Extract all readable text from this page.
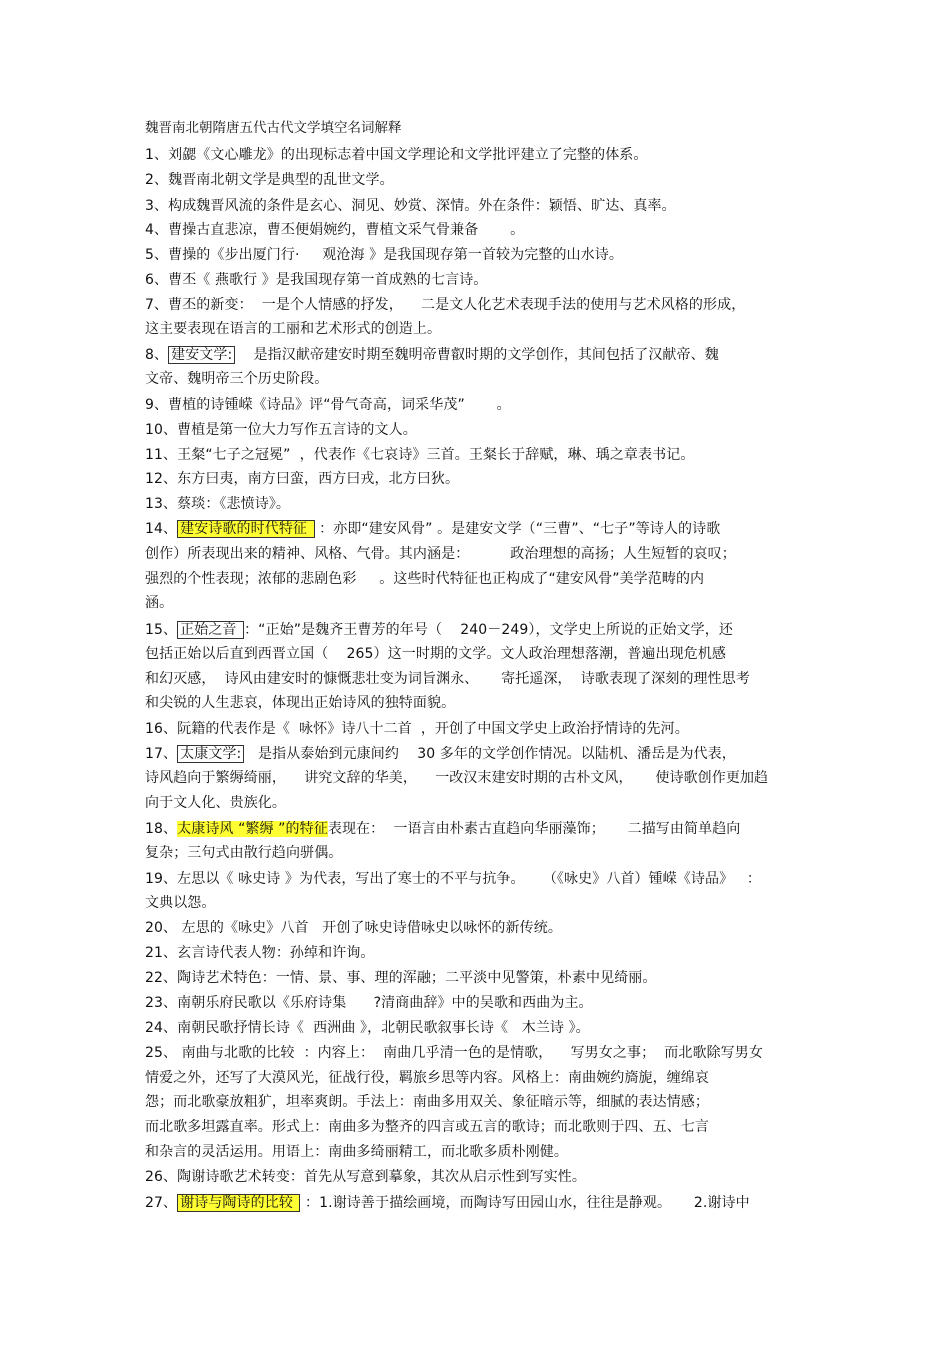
魏晋南北朝隋唐五代古代文学填空名词解释
1、刘勰《文心雕龙》的出现标志着中国文学理论和文学批评建立了完整的体系。
2、魏晋南北朝文学是典型的乱世文学。
3、构成魏晋风流的条件是玄心、洞见、妙赏、深情。外在条件：颖悟、旷达、真率。
4、曹操古直悲凉，曹丕便娟婉约，曹植文采气骨兼备       。
5、曹操的《步出厦门行·     观沧海 》是我国现存第一首较为完整的山水诗。
6、曹丕《 燕歌行 》是我国现存第一首成熟的七言诗。
7、曹丕的新变：  一是个人情感的抒发，    二是文人化艺术表现手法的使用与艺术风格的形成，
这主要表现在语言的工丽和艺术形式的创造上。
8、 建安文学:    是指汉献帝建安时期至魏明帝曹叡时期的文学创作，其间包括了汉献帝、魏
文帝、魏明帝三个历史阶段。
9、曹植的诗锺嵘《诗品》评“骨气奇高，词采华茂”       。
10、曹植是第一位大力写作五言诗的文人。
11、王粲“七子之冠冕”  ，代表作《七哀诗》三首。王粲长于辞赋，琳、瑀之章表书记。
12、东方曰夷，南方曰蛮，西方曰戎，北方曰狄。
13、蔡琰：《悲愤诗》。
14、 建安诗歌的时代特征  ：亦即“建安风骨” 。是建安文学（“三曹”、“七子”等诗人的诗歌
创作）所表现出来的精神、风格、气骨。其内涵是：         政治理想的高扬；人生短暂的哀叹；
强烈的个性表现；浓郁的悲剧色彩     。这些时代特征也正构成了“建安风骨”美学范畴的内
涵。
15、 正始之音 ：“正始”是魏齐王曹芳的年号（    240－249），文学史上所说的正始文学，还
包括正始以后直到西晋立国（    265）这一时期的文学。文人政治理想落潮，普遍出现危机感
和幻灭感，  诗风由建安时的慷慨悲壮变为词旨渊永、     寄托遥深，  诗歌表现了深刻的理性思考
和尖锐的人生悲哀，体现出正始诗风的独特面貌。
16、阮籍的代表作是《  咏怀》诗八十二首  ，开创了中国文学史上政治抒情诗的先河。
17、 太康文学:   是指从泰始到元康间约    30 多年的文学创作情况。以陆机、潘岳是为代表，
诗风趋向于繁缛绮丽，    讲究文辞的华美，    一改汉末建安时期的古朴文风，     使诗歌创作更加趋
向于文人化、贵族化。
18、太康诗风 “繁缛 ”的特征表现在：  一语言由朴素古直趋向华丽藻饰；     二描写由简单趋向
复杂；三句式由散行趋向骈偶。
19、左思以《 咏史诗 》为代表，写出了寒士的不平与抗争。    （《咏史》八首）锺嵘《诗品》   ：
文典以怨。
20、 左思的《咏史》八首   开创了咏史诗借咏史以咏怀的新传统。
21、玄言诗代表人物：孙绰和许询。
22、陶诗艺术特色：一情、景、事、理的浑融；二平淡中见警策，朴素中见绮丽。
23、南朝乐府民歌以《乐府诗集      ?清商曲辞》中的吴歌和西曲为主。
24、南朝民歌抒情长诗《  西洲曲 》，北朝民歌叙事长诗《   木兰诗 》。
25、 南曲与北歌的比较  ：内容上：  南曲几乎清一色的是情歌，    写男女之事；  而北歌除写男女
情爱之外，还写了大漠风光，征战行役，羁旅乡思等内容。风格上：南曲婉约旖旎，缠绵哀
怨；而北歌豪放粗犷，坦率爽朗。手法上：南曲多用双关、象征暗示等，细腻的表达情感；
而北歌多坦露直率。形式上：南曲多为整齐的四言或五言的歌诗；而北歌则于四、五、七言
和杂言的灵活运用。用语上：南曲多绮丽精工，而北歌多质朴刚健。
26、陶谢诗歌艺术转变：首先从写意到摹象，其次从启示性到写实性。
27、 谢诗与陶诗的比较  ：1.谢诗善于描绘画境，而陶诗写田园山水，往往是静观。     2.谢诗中
